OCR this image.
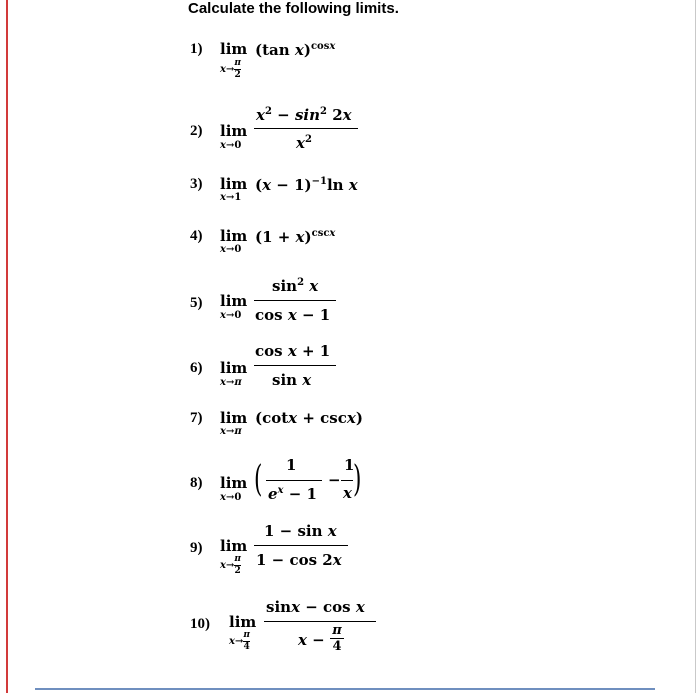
Calculate the following limits.
1) lim
$x\to \frac{\pi}{2}$
(tan x)$^{cosx}$
2) lim
x→0
$x^2 - \sin^2 2x$
$x^2$
3) lim
x→1
$(x - 1)^{-1}\ln$ x
4) lim
x→0
$(1 + x)^{cscx}$
5) lim
x→0
$\sin^2 x$
cos x − 1
6) lim
x→π
cos x + 1
sin x
7) lim
x→π
(cotx + cscx)
8) lim
x→0 ( 1
$e^x - 1$
−
1
x )
9) lim
$x\to \frac{\pi}{2}$
1 − sin x
1 − cos 2x
10) lim
$x\to \frac{\pi}{4}$
sinx − cos x
x −
π
4
